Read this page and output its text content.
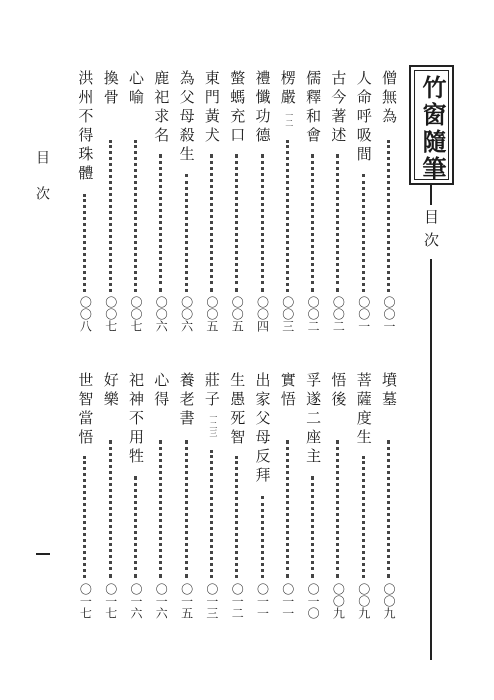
竹窗隨筆
目次
目次
僧無為
〇〇一
人命呼吸間
〇〇一
古今著述
〇〇二
儒釋和會
〇〇二
楞嚴
一二
〇〇三
禮懺功德
〇〇四
螫螞充口
〇〇五
東門黃犬
〇〇五
為父母殺生
〇〇六
鹿祀求名
〇〇六
心喻
〇〇七
換骨
〇〇七
洪州不得珠體
〇〇八
墳墓
〇〇九
菩薩度生
〇〇九
悟後
〇〇九
孚遂二座主
〇一〇
實悟
〇一一
出家父母反拜
〇一一
生愚死智
〇一二
莊子
一二三
〇一三
養老書
〇一五
心得
〇一六
祀神不用牲
〇一六
好樂
〇一七
世智當悟
〇一七
